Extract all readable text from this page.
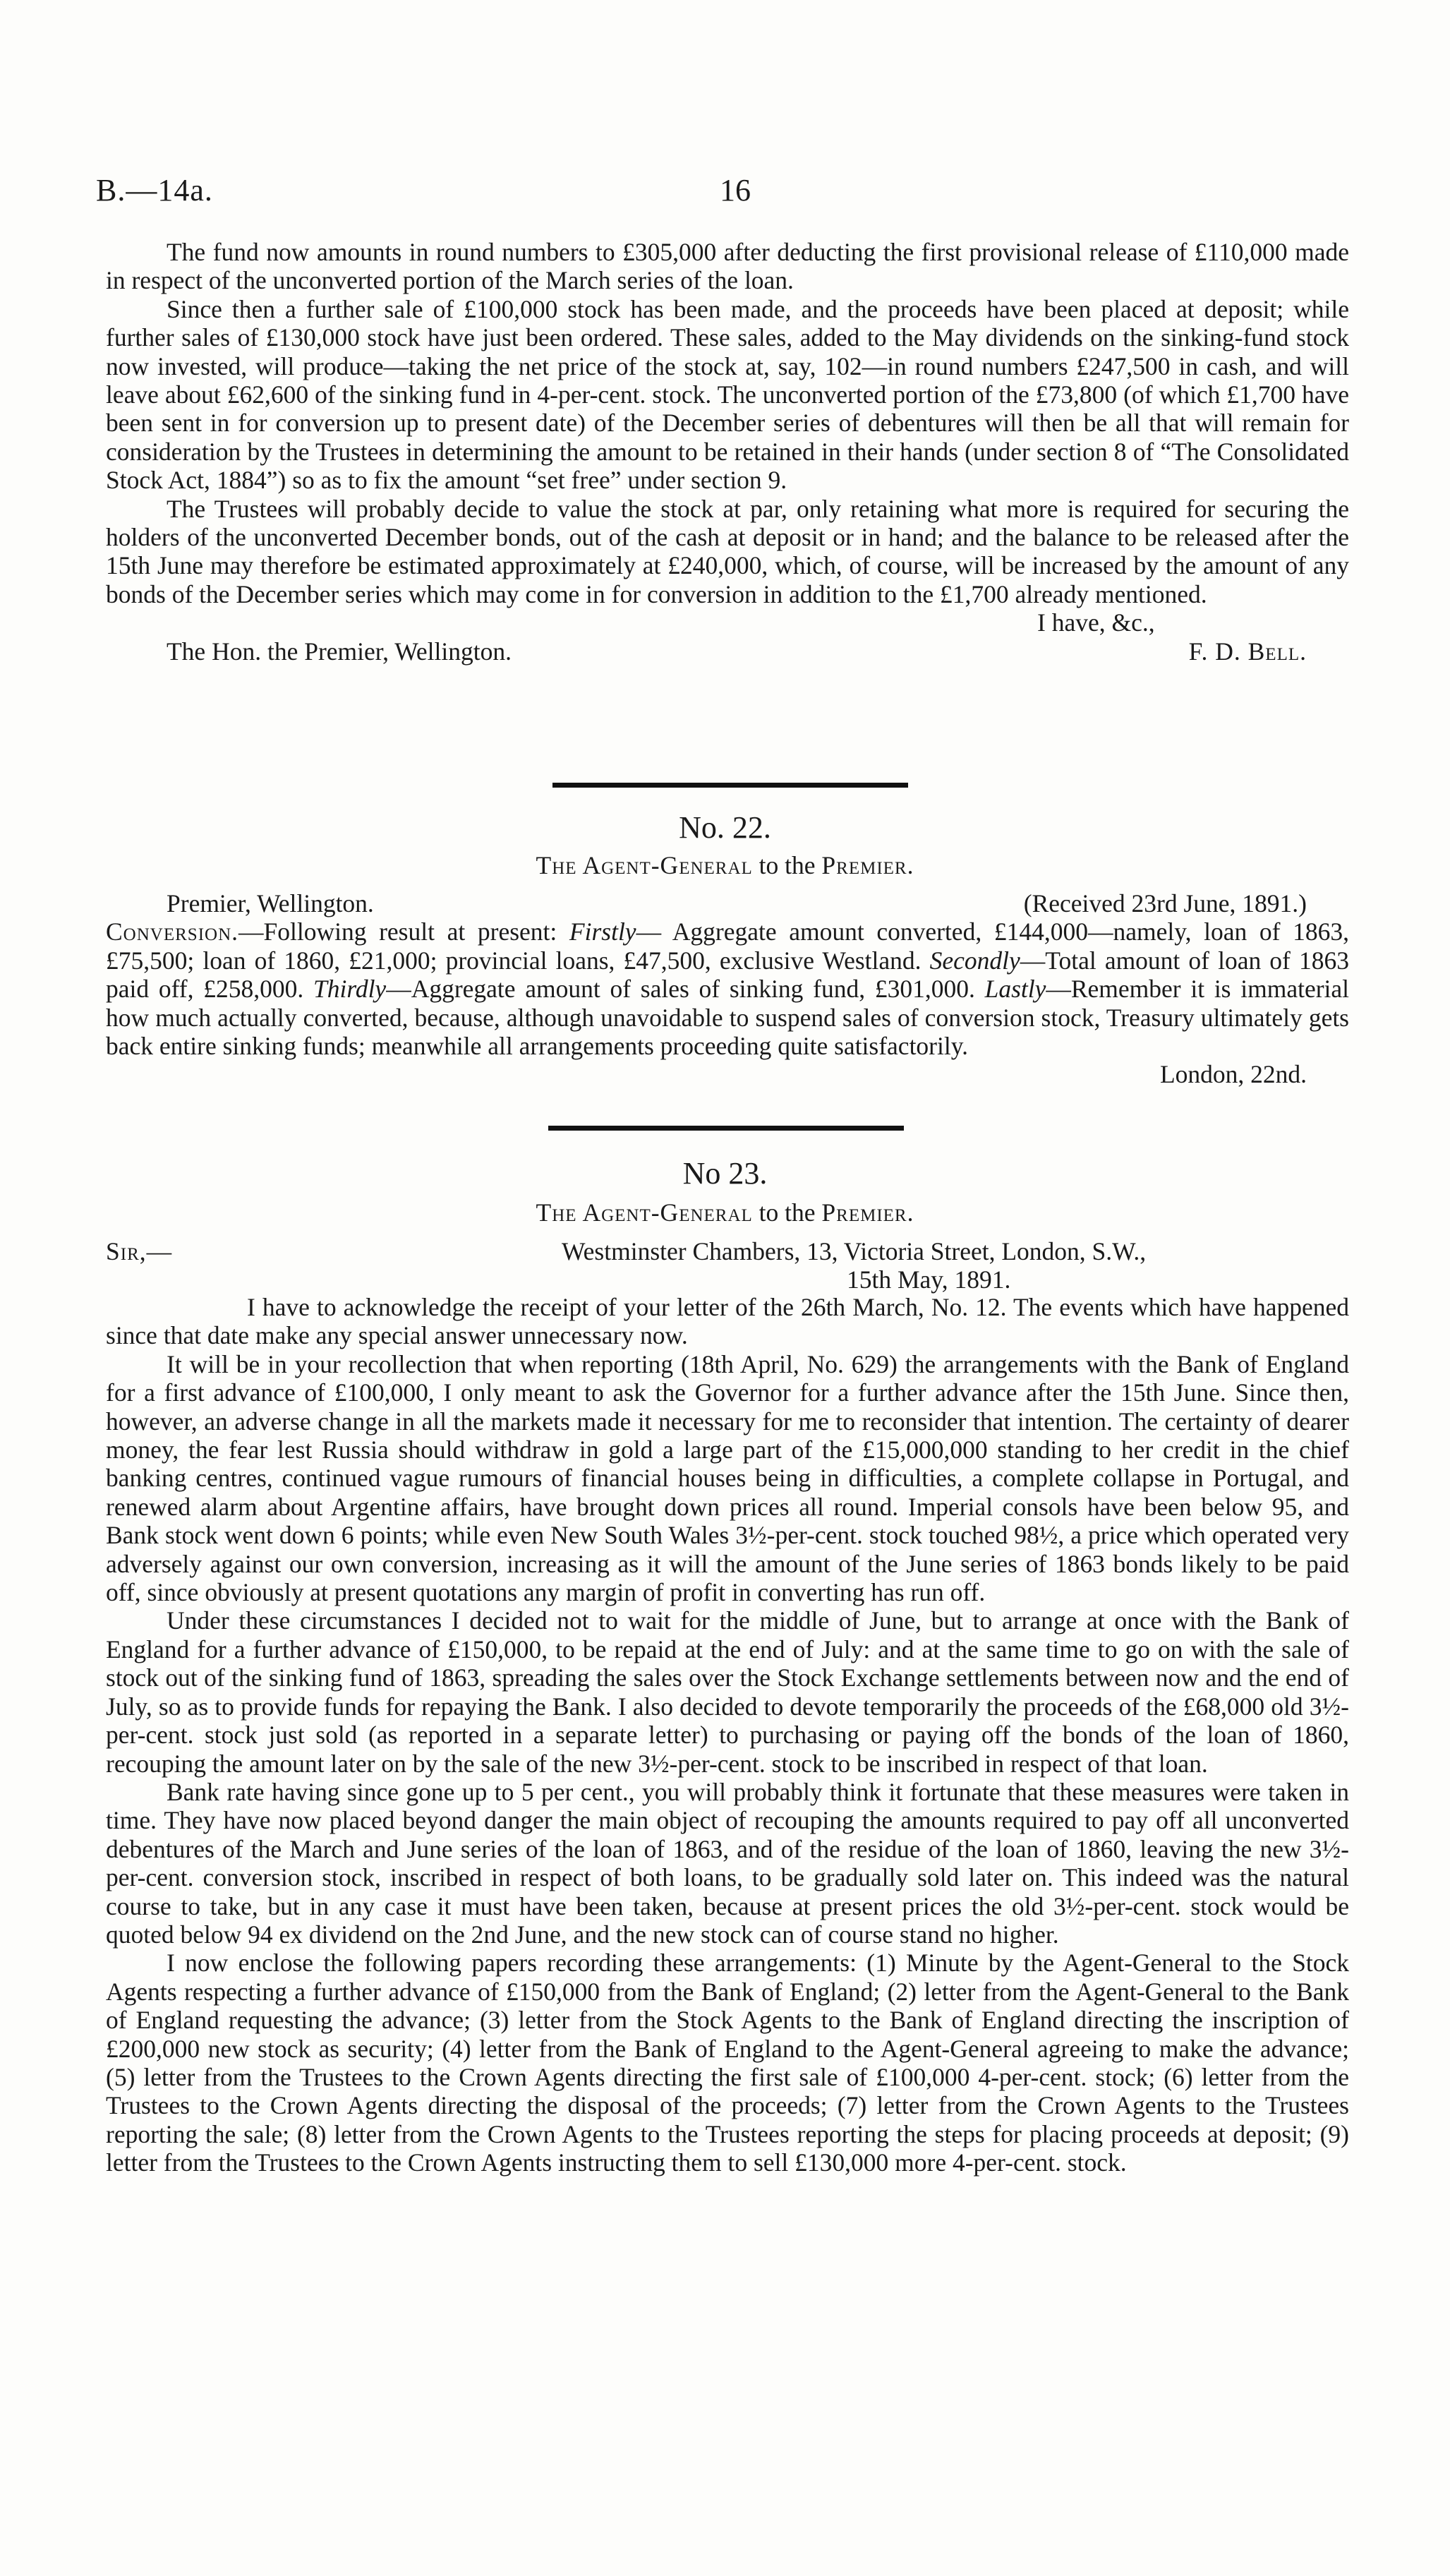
B.—14a.	16

The fund now amounts in round numbers to £305,000 after deducting the first provisional release of £110,000 made in respect of the unconverted portion of the March series of the loan.

Since then a further sale of £100,000 stock has been made, and the proceeds have been placed at deposit; while further sales of £130,000 stock have just been ordered. These sales, added to the May dividends on the sinking-fund stock now invested, will produce—taking the net price of the stock at, say, 102—in round numbers £247,500 in cash, and will leave about £62,600 of the sinking fund in 4-per-cent. stock. The unconverted portion of the £73,800 (of which £1,700 have been sent in for conversion up to present date) of the December series of debentures will then be all that will remain for consideration by the Trustees in determining the amount to be retained in their hands (under section 8 of “The Consolidated Stock Act, 1884”) so as to fix the amount “set free” under section 9.

The Trustees will probably decide to value the stock at par, only retaining what more is required for securing the holders of the unconverted December bonds, out of the cash at deposit or in hand; and the balance to be released after the 15th June may therefore be estimated approximately at £240,000, which, of course, will be increased by the amount of any bonds of the December series which may come in for conversion in addition to the £1,700 already mentioned.

I have, &c.,
The Hon. the Premier, Wellington.	F. D. Bell.
No. 22.
The Agent-General to the Premier.
Premier, Wellington.	(Received 23rd June, 1891.)

Conversion.—Following result at present: Firstly— Aggregate amount converted, £144,000—namely, loan of 1863, £75,500; loan of 1860, £21,000; provincial loans, £47,500, exclusive Westland. Secondly—Total amount of loan of 1863 paid off, £258,000. Thirdly—Aggregate amount of sales of sinking fund, £301,000. Lastly—Remember it is immaterial how much actually converted, because, although unavoidable to suspend sales of conversion stock, Treasury ultimately gets back entire sinking funds; meanwhile all arrangements proceeding quite satisfactorily.

London, 22nd.
No 23.
The Agent-General to the Premier.
Sir,—	Westminster Chambers, 13, Victoria Street, London, S.W.,
15th May, 1891.

I have to acknowledge the receipt of your letter of the 26th March, No. 12. The events which have happened since that date make any special answer unnecessary now.

It will be in your recollection that when reporting (18th April, No. 629) the arrangements with the Bank of England for a first advance of £100,000, I only meant to ask the Governor for a further advance after the 15th June. Since then, however, an adverse change in all the markets made it necessary for me to reconsider that intention. The certainty of dearer money, the fear lest Russia should withdraw in gold a large part of the £15,000,000 standing to her credit in the chief banking centres, continued vague rumours of financial houses being in difficulties, a complete collapse in Portugal, and renewed alarm about Argentine affairs, have brought down prices all round. Imperial consols have been below 95, and Bank stock went down 6 points; while even New South Wales 3½-per-cent. stock touched 98½, a price which operated very adversely against our own conversion, increasing as it will the amount of the June series of 1863 bonds likely to be paid off, since obviously at present quotations any margin of profit in converting has run off.

Under these circumstances I decided not to wait for the middle of June, but to arrange at once with the Bank of England for a further advance of £150,000, to be repaid at the end of July: and at the same time to go on with the sale of stock out of the sinking fund of 1863, spreading the sales over the Stock Exchange settlements between now and the end of July, so as to provide funds for repaying the Bank. I also decided to devote temporarily the proceeds of the £68,000 old 3½-per-cent. stock just sold (as reported in a separate letter) to purchasing or paying off the bonds of the loan of 1860, recouping the amount later on by the sale of the new 3½-per-cent. stock to be inscribed in respect of that loan.

Bank rate having since gone up to 5 per cent., you will probably think it fortunate that these measures were taken in time. They have now placed beyond danger the main object of recouping the amounts required to pay off all unconverted debentures of the March and June series of the loan of 1863, and of the residue of the loan of 1860, leaving the new 3½-per-cent. conversion stock, inscribed in respect of both loans, to be gradually sold later on. This indeed was the natural course to take, but in any case it must have been taken, because at present prices the old 3½-per-cent. stock would be quoted below 94 ex dividend on the 2nd June, and the new stock can of course stand no higher.

I now enclose the following papers recording these arrangements: (1) Minute by the Agent-General to the Stock Agents respecting a further advance of £150,000 from the Bank of England; (2) letter from the Agent-General to the Bank of England requesting the advance; (3) letter from the Stock Agents to the Bank of England directing the inscription of £200,000 new stock as security; (4) letter from the Bank of England to the Agent-General agreeing to make the advance; (5) letter from the Trustees to the Crown Agents directing the first sale of £100,000 4-per-cent. stock; (6) letter from the Trustees to the Crown Agents directing the disposal of the proceeds; (7) letter from the Crown Agents to the Trustees reporting the sale; (8) letter from the Crown Agents to the Trustees reporting the steps for placing proceeds at deposit; (9) letter from the Trustees to the Crown Agents instructing them to sell £130,000 more 4-per-cent. stock.
